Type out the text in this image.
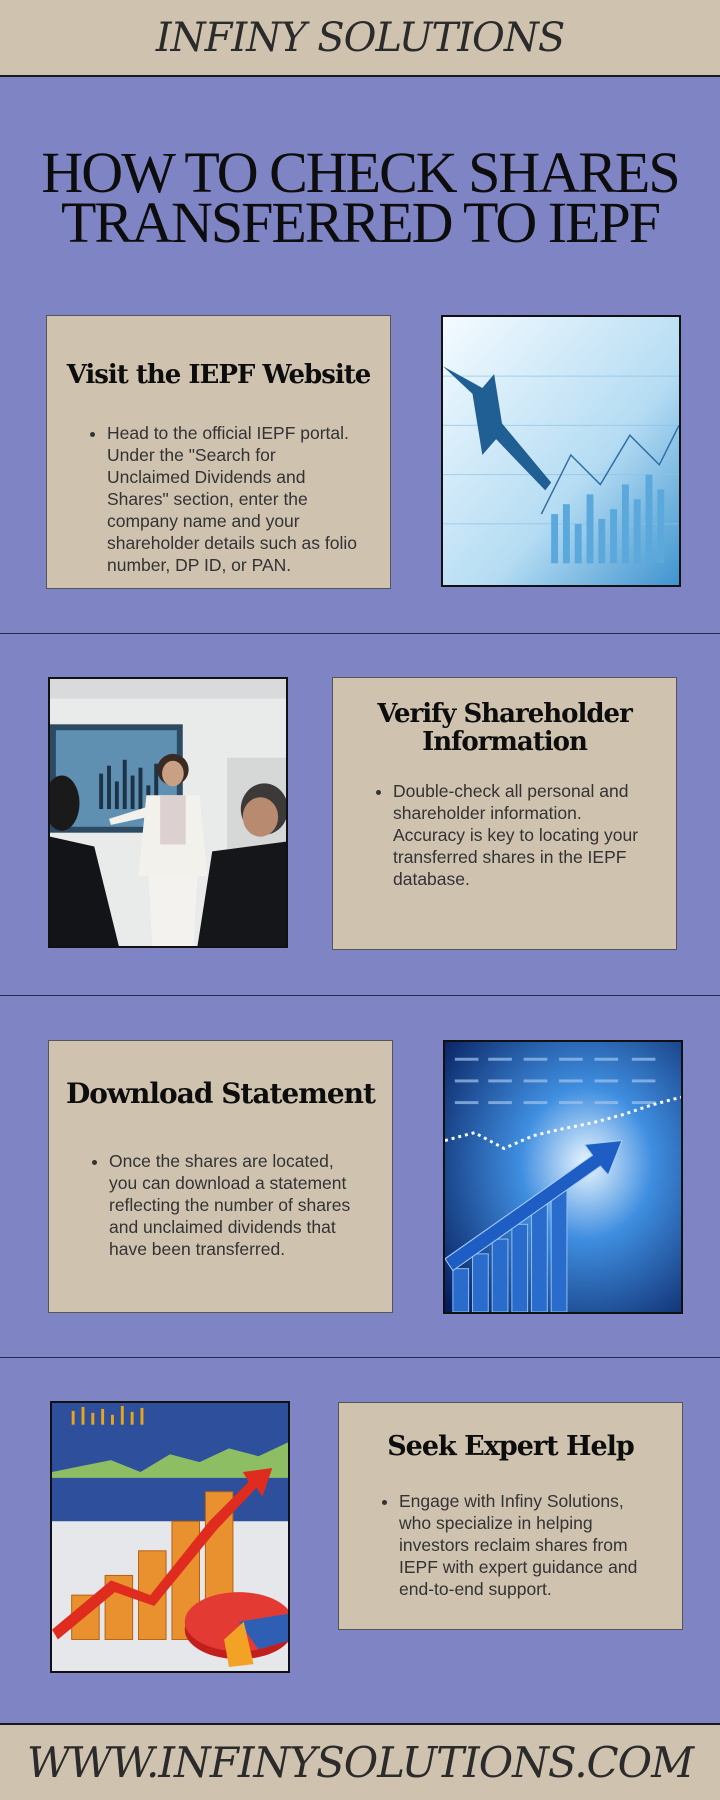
INFINY SOLUTIONS
HOW TO CHECK SHARES
TRANSFERRED TO IEPF
Visit the IEPF Website
• Head to the official IEPF portal. Under the "Search for Unclaimed Dividends and Shares" section, enter the company name and your shareholder details such as folio number, DP ID, or PAN.
Verify Shareholder
Information
• Double-check all personal and shareholder information. Accuracy is key to locating your transferred shares in the IEPF database.
Download Statement
• Once the shares are located, you can download a statement reflecting the number of shares and unclaimed dividends that have been transferred.
Seek Expert Help
• Engage with Infiny Solutions, who specialize in helping investors reclaim shares from IEPF with expert guidance and end-to-end support.
WWW.INFINYSOLUTIONS.COM
